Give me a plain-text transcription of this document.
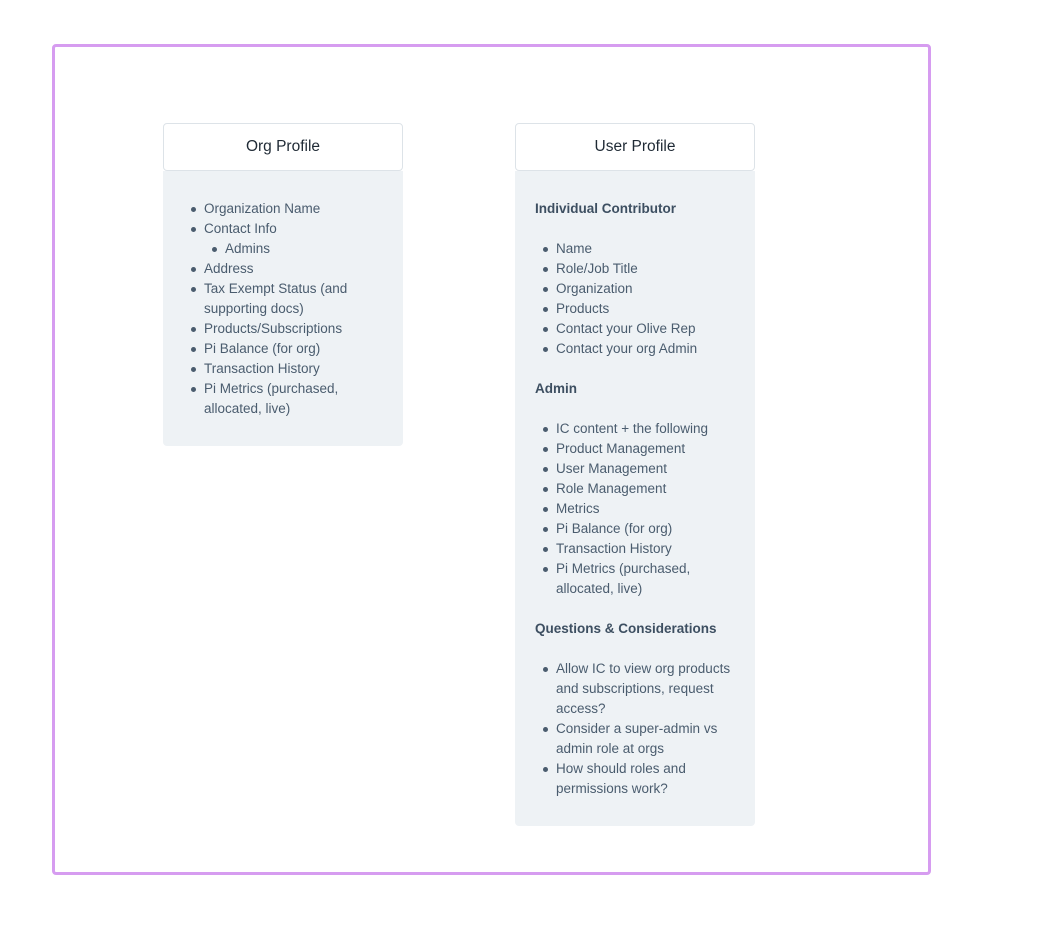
Org Profile
Organization Name
Contact Info
Admins
Address
Tax Exempt Status (and supporting docs)
Products/Subscriptions
Pi Balance (for org)
Transaction History
Pi Metrics (purchased, allocated, live)
User Profile
Individual Contributor
Name
Role/Job Title
Organization
Products
Contact your Olive Rep
Contact your org Admin
Admin
IC content + the following
Product Management
User Management
Role Management
Metrics
Pi Balance (for org)
Transaction History
Pi Metrics (purchased, allocated, live)
Questions & Considerations
Allow IC to view org products and subscriptions, request access?
Consider a super-admin vs admin role at orgs
How should roles and permissions work?
